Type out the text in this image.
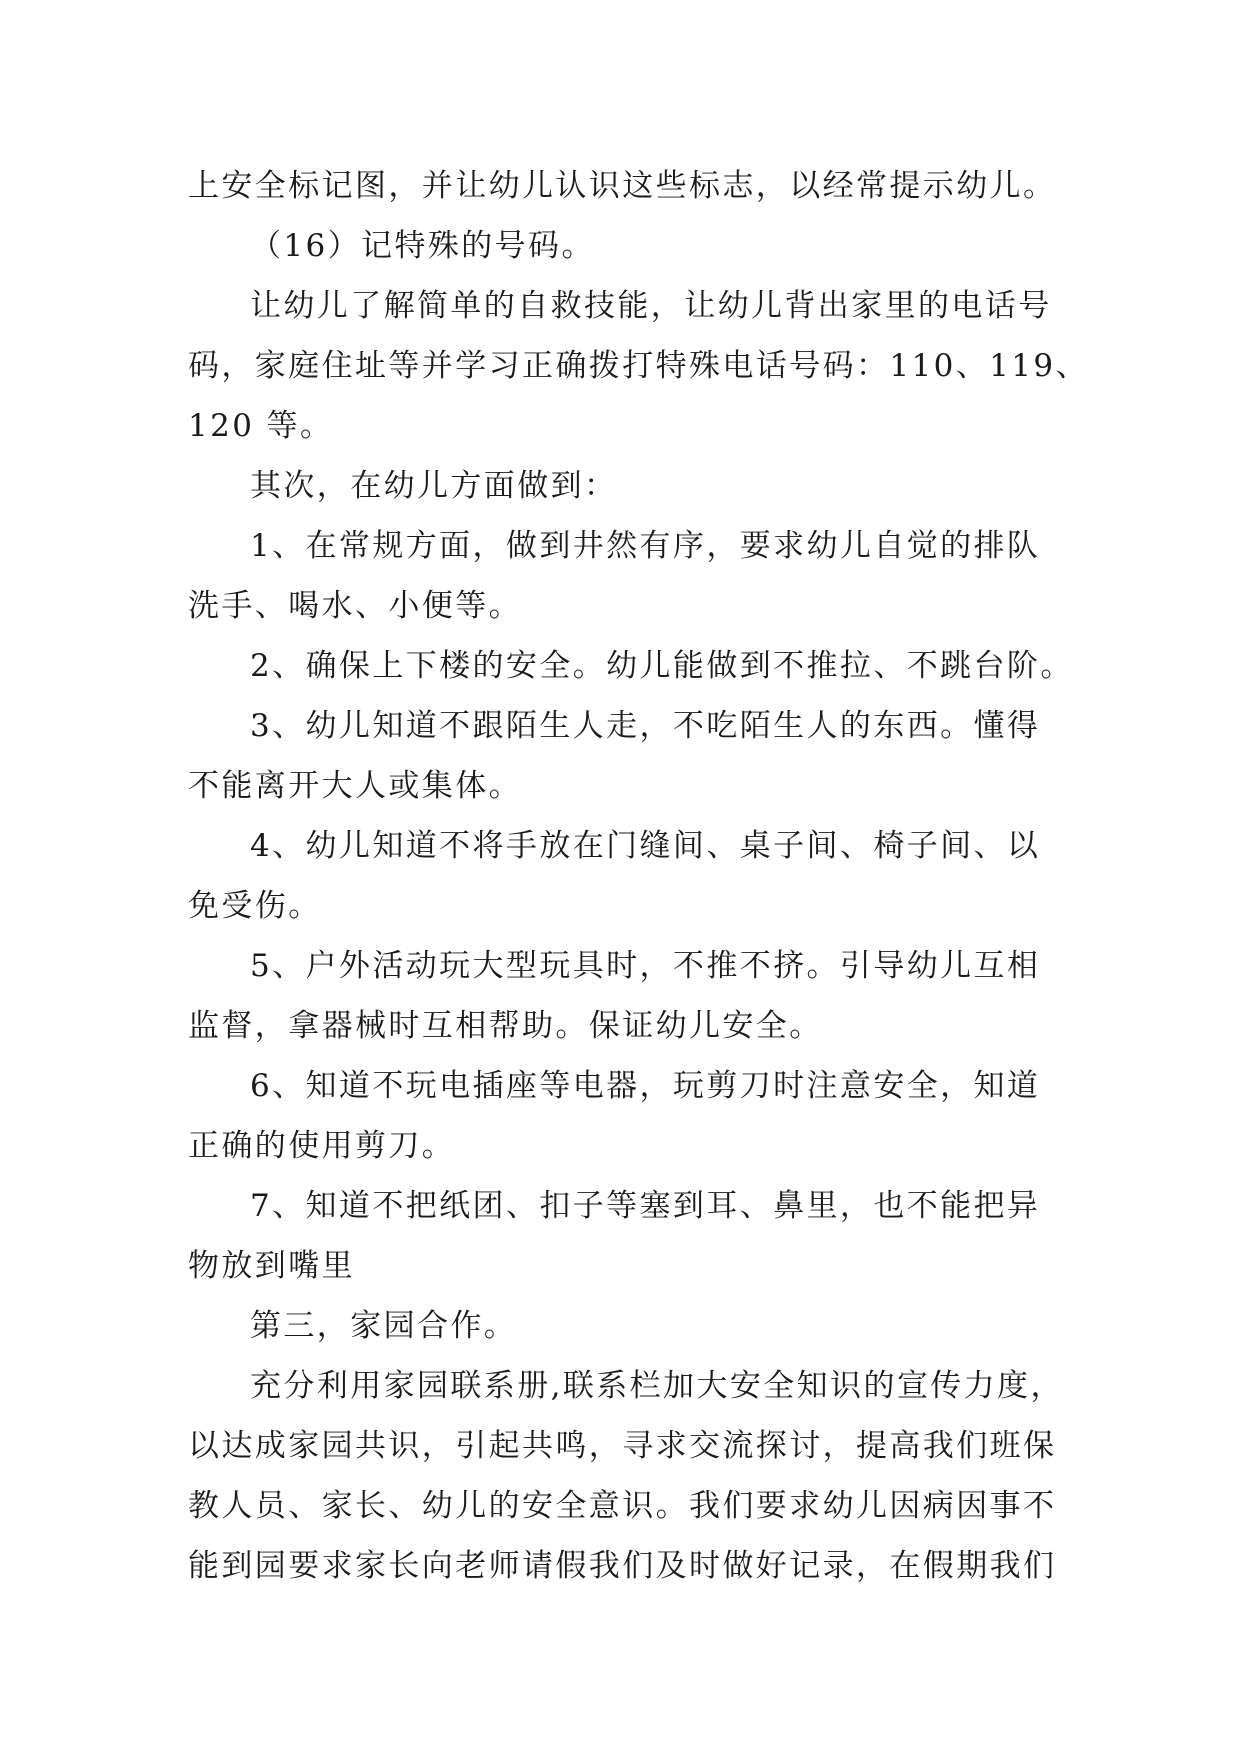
上安全标记图，并让幼儿认识这些标志，以经常提示幼儿。
（16）记特殊的号码。
让幼儿了解简单的自救技能，让幼儿背出家里的电话号
码，家庭住址等并学习正确拨打特殊电话号码：110、119、
120 等。
其次，在幼儿方面做到：
1、在常规方面，做到井然有序，要求幼儿自觉的排队
洗手、喝水、小便等。
2、确保上下楼的安全。幼儿能做到不推拉、不跳台阶。
3、幼儿知道不跟陌生人走，不吃陌生人的东西。懂得
不能离开大人或集体。
4、幼儿知道不将手放在门缝间、桌子间、椅子间、以
免受伤。
5、户外活动玩大型玩具时，不推不挤。引导幼儿互相
监督，拿器械时互相帮助。保证幼儿安全。
6、知道不玩电插座等电器，玩剪刀时注意安全，知道
正确的使用剪刀。
7、知道不把纸团、扣子等塞到耳、鼻里，也不能把异
物放到嘴里
第三，家园合作。
充分利用家园联系册,联系栏加大安全知识的宣传力度，
以达成家园共识，引起共鸣，寻求交流探讨，提高我们班保
教人员、家长、幼儿的安全意识。我们要求幼儿因病因事不
能到园要求家长向老师请假我们及时做好记录，在假期我们
